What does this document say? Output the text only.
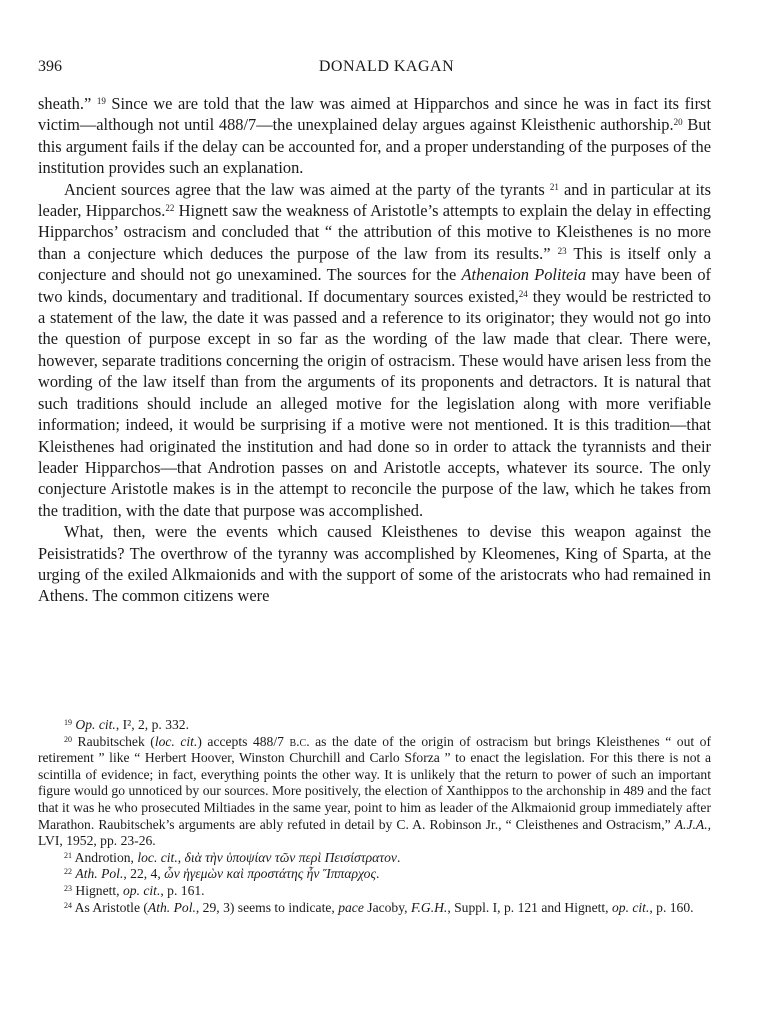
396	DONALD KAGAN

sheath.” $^{19}$ Since we are told that the law was aimed at Hipparchos and since he was in fact its first victim—although not until 488/7—the unexplained delay argues against Kleisthenic authorship.$^{20}$ But this argument fails if the delay can be accounted for, and a proper understanding of the purposes of the institution provides such an explanation.

Ancient sources agree that the law was aimed at the party of the tyrants $^{21}$ and in particular at its leader, Hipparchos.$^{22}$ Hignett saw the weakness of Aristotle’s attempts to explain the delay in effecting Hipparchos’ ostracism and concluded that “ the attribution of this motive to Kleisthenes is no more than a conjecture which deduces the purpose of the law from its results.” $^{23}$ This is itself only a conjecture and should not go unexamined. The sources for the Athenaion Politeia may have been of two kinds, documentary and traditional. If documentary sources existed,$^{24}$ they would be restricted to a statement of the law, the date it was passed and a reference to its originator; they would not go into the question of purpose except in so far as the wording of the law made that clear. There were, however, separate traditions concerning the origin of ostracism. These would have arisen less from the wording of the law itself than from the arguments of its proponents and detractors. It is natural that such traditions should include an alleged motive for the legislation along with more verifiable information; indeed, it would be surprising if a motive were not mentioned. It is this tradition—that Kleisthenes had originated the institution and had done so in order to attack the tyrannists and their leader Hipparchos—that Androtion passes on and Aristotle accepts, whatever its source. The only conjecture Aristotle makes is in the attempt to reconcile the purpose of the law, which he takes from the tradition, with the date that purpose was accomplished.

What, then, were the events which caused Kleisthenes to devise this weapon against the Peisistratids? The overthrow of the tyranny was accomplished by Kleomenes, King of Sparta, at the urging of the exiled Alkmaionids and with the support of some of the aristocrats who had remained in Athens. The common citizens were

$^{19}$ Op. cit., I², 2, p. 332.

$^{20}$ Raubitschek (loc. cit.) accepts 488/7 b.c. as the date of the origin of ostracism but brings Kleisthenes “ out of retirement ” like “ Herbert Hoover, Winston Churchill and Carlo Sforza ” to enact the legislation. For this there is not a scintilla of evidence; in fact, everything points the other way. It is unlikely that the return to power of such an important figure would go unnoticed by our sources. More positively, the election of Xanthippos to the archonship in 489 and the fact that it was he who prosecuted Miltiades in the same year, point to him as leader of the Alkmaionid group immediately after Marathon. Raubitschek’s arguments are ably refuted in detail by C. A. Robinson Jr., “ Cleisthenes and Ostracism,” A.J.A., LVI, 1952, pp. 23-26.

$^{21}$ Androtion, loc. cit., διὰ τὴν ὑποψίαν τῶν περὶ Πεισίστρατον.

$^{22}$ Ath. Pol., 22, 4, ὧν ἡγεμὼν καὶ προστάτης ἦν Ἵππαρχος.

$^{23}$ Hignett, op. cit., p. 161.

$^{24}$ As Aristotle (Ath. Pol., 29, 3) seems to indicate, pace Jacoby, F.G.H., Suppl. I, p. 121 and Hignett, op. cit., p. 160.
